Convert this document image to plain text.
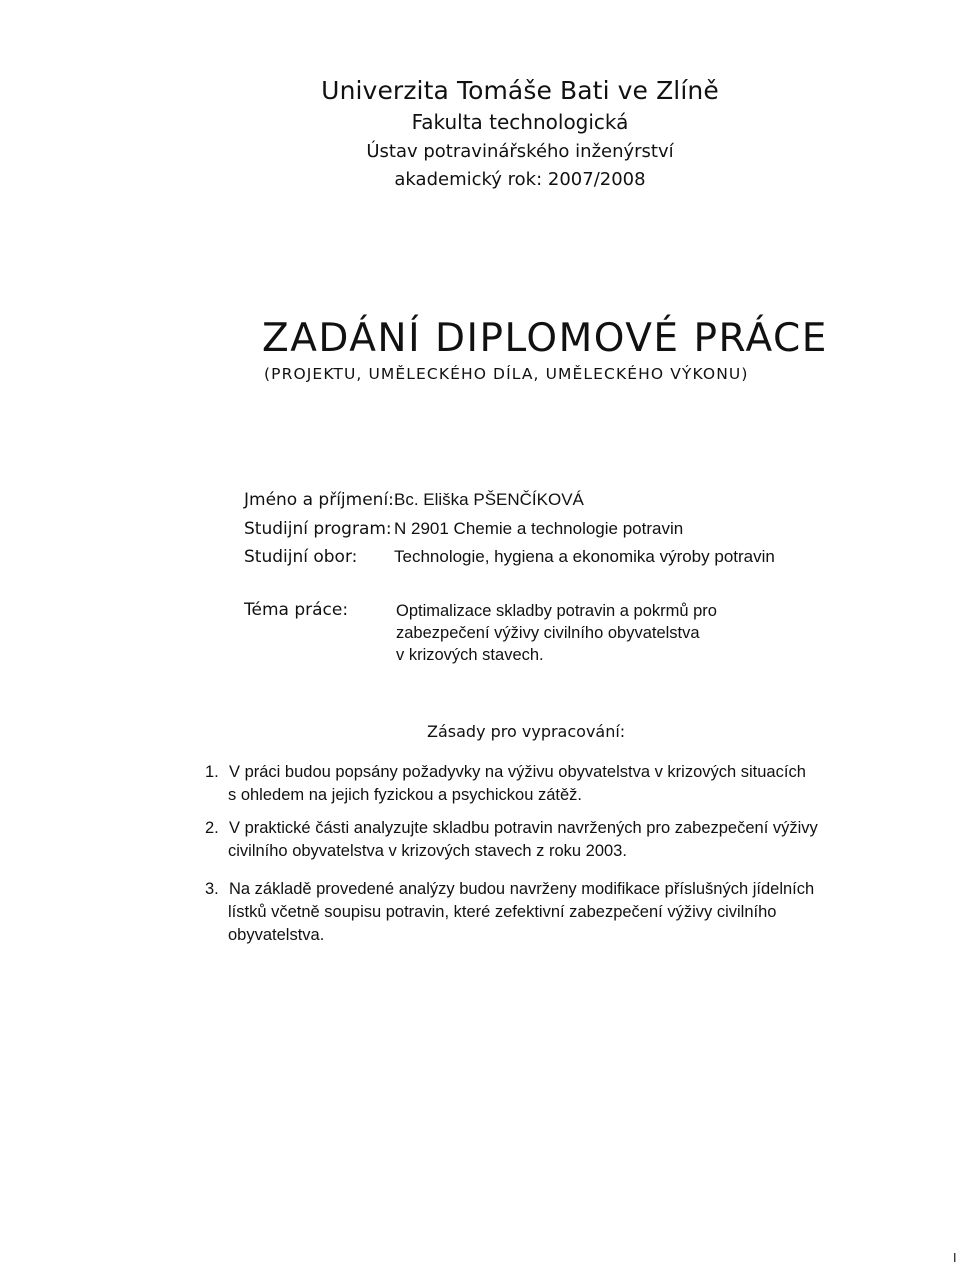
Univerzita Tomáše Bati ve Zlíně
Fakulta technologická
Ústav potravinářského inženýrství
akademický rok: 2007/2008
ZADÁNÍ DIPLOMOVÉ PRÁCE
(PROJEKTU, UMĚLECKÉHO DÍLA, UMĚLECKÉHO VÝKONU)
Jméno a příjmení: Bc. Eliška PŠENČÍKOVÁ
Studijní program: N 2901 Chemie a technologie potravin
Studijní obor: Technologie, hygiena a ekonomika výroby potravin
Téma práce:	Optimalizace skladby potravin a pokrmů pro
zabezpečení výživy civilního obyvatelstva
v krizových stavech.
Zásady pro vypracování:
1. V práci budou popsány požadyvky na výživu obyvatelstva v krizových situacích
s ohledem na jejich fyzickou a psychickou zátěž.
2. V praktické části analyzujte skladbu potravin navržených pro zabezpečení výživy
civilního obyvatelstva v krizových stavech z roku 2003.
3. Na základě provedené analýzy budou navrženy modifikace příslušných jídelních
lístků včetně soupisu potravin, které zefektivní zabezpečení výživy civilního
obyvatelstva.
I
